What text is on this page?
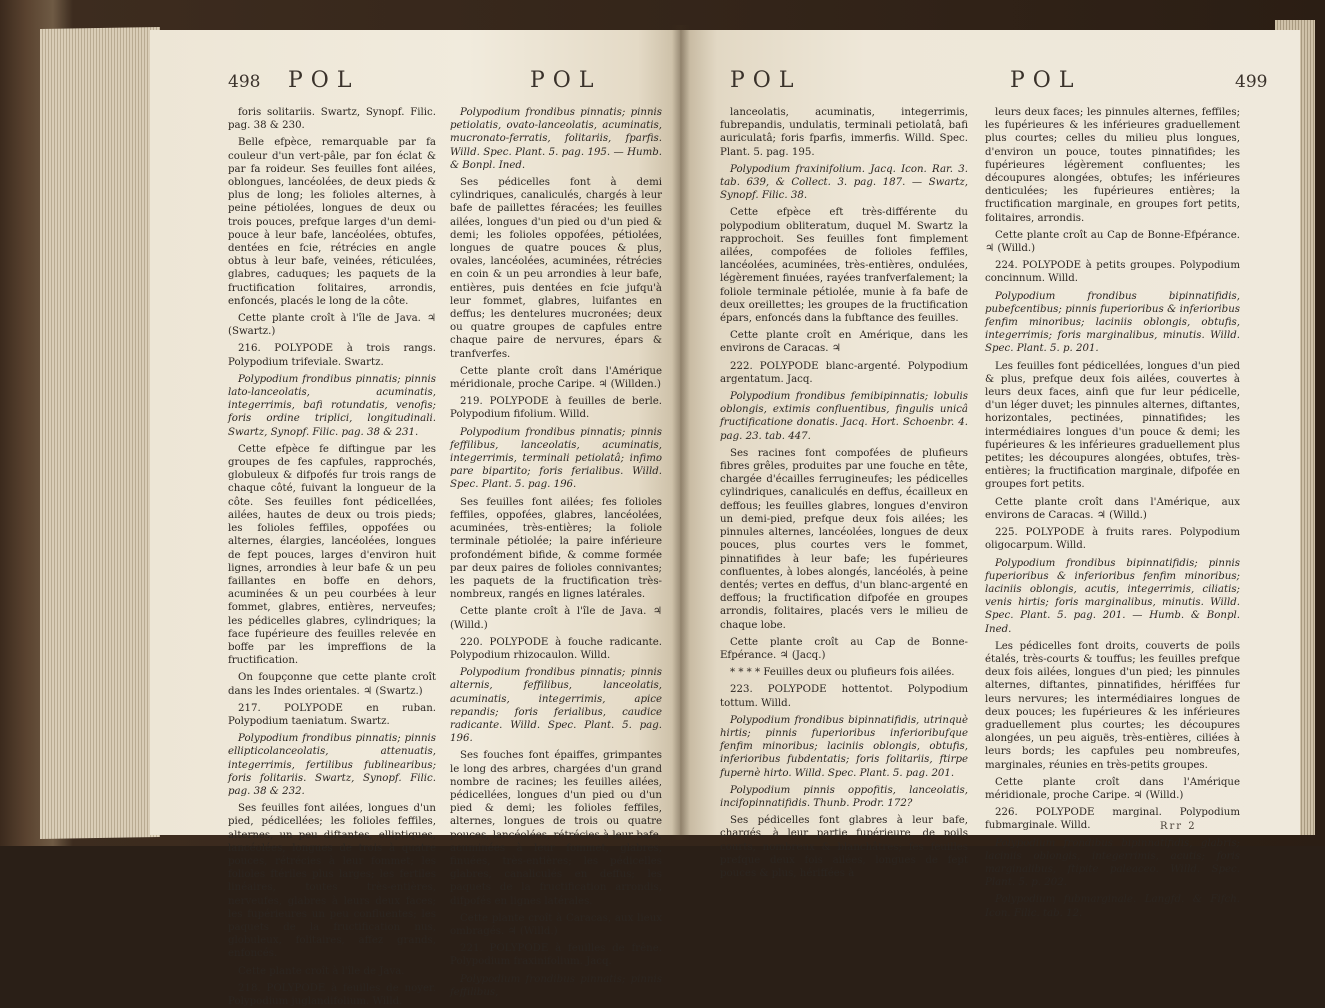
498 POL	POL

foris solitariis. Swartz, Synopf. Filic. pag. 38 & 230.

Belle efpèce, remarquable par fa couleur d'un vert-pâle, par fon éclat & par fa roideur. Ses feuilles font ailées, oblongues, lancéolées, de deux pieds & plus de long; les folioles alternes, à peine pétiolées, longues de deux ou trois pouces, prefque larges d'un demi-pouce à leur bafe, lancéolées, obtufes, dentées en fcie, rétrécies en angle obtus à leur bafe, veinées, réticulées, glabres, caduques; les paquets de la fructification folitaires, arrondis, enfoncés, placés le long de la côte.

Cette plante croît à l'île de Java. ♃ (Swartz.)

216. POLYPODE à trois rangs. Polypodium trifeviale. Swartz.

Polypodium frondibus pinnatis; pinnis lato-lanceolatis, acuminatis, integerrimis, bafi rotundatis, venofis; foris ordine triplici, longitudinali. Swartz, Synopf. Filic. pag. 38 & 231.

Cette efpèce fe diftingue par les groupes de fes capfules, rapprochés, globuleux & difpofés fur trois rangs de chaque côté, fuivant la longueur de la côte. Ses feuilles font pédicellées, ailées, hautes de deux ou trois pieds; les folioles feffiles, oppofées ou alternes, élargies, lancéolées, longues de fept pouces, larges d'environ huit lignes, arrondies à leur bafe & un peu faillantes en boffe en dehors, acuminées & un peu courbées à leur fommet, glabres, entières, nerveufes; les pédicelles glabres, cylindriques; la face fupérieure des feuilles relevée en boffe par les impreffions de la fructification.

On foupçonne que cette plante croît dans les Indes orientales. ♃ (Swartz.)

217. POLYPODE en ruban. Polypodium taeniatum. Swartz.

Polypodium frondibus pinnatis; pinnis ellipticolanceolatis, attenuatis, integerrimis, fertilibus fublinearibus; foris folitariis. Swartz, Synopf. Filic. pag. 38 & 232.

Ses feuilles font ailées, longues d'un pied, pédicellées; les folioles feffiles, alternes, un peu diftantes, elliptiques, lancéolées, longues de trois à quatre pouces, rétrécies à leur fommet; les folioles ftériles plus larges; les fertiles linéaires, toutes très-entières, nerveufes, glabres à leurs deux faces; les fupérieures un peu confluentes; les paquets de la fructification nus, globuleux, folitaires, affez grands, enfoncés.

Cette plante croît à l'île de Java.

218. POLYPODE à feuilles de noyer. Polypodium juglandifolium. Willd.

Polypodium frondibus pinnatis; pinnis petiolatis, ovato-lanceolatis, acuminatis, mucronato-ferratis, folitariis, fparfis. Willd. Spec. Plant. 5. pag. 195. — Humb. & Bonpl. Ined.

Ses pédicelles font à demi cylindriques, canaliculés, chargés à leur bafe de paillettes féracées; les feuilles ailées, longues d'un pied ou d'un pied & demi; les folioles oppofées, pétiolées, longues de quatre pouces & plus, ovales, lancéolées, acuminées, rétrécies en coin & un peu arrondies à leur bafe, entières, puis dentées en fcie jufqu'à leur fommet, glabres, luifantes en deffus; les dentelures mucronées; deux ou quatre groupes de capfules entre chaque paire de nervures, épars & tranfverfes.

Cette plante croît dans l'Amérique méridionale, proche Caripe. ♃ (Willden.)

219. POLYPODE à feuilles de berle. Polypodium fifolium. Willd.

Polypodium frondibus pinnatis; pinnis feffilibus, lanceolatis, acuminatis, integerrimis, terminali petiolatâ; infimo pare bipartito; foris ferialibus. Willd. Spec. Plant. 5. pag. 196.

Ses feuilles font ailées; fes folioles feffiles, oppofées, glabres, lancéolées, acuminées, très-entières; la foliole terminale pétiolée; la paire inférieure profondément bifide, & comme formée par deux paires de folioles connivantes; les paquets de la fructification très-nombreux, rangés en lignes latérales.

Cette plante croît à l'île de Java. ♃ (Willd.)

220. POLYPODE à fouche radicante. Polypodium rhizocaulon. Willd.

Polypodium frondibus pinnatis; pinnis alternis, feffilibus, lanceolatis, acuminatis, integerrimis, apice repandis; foris ferialibus, caudice radicante. Willd. Spec. Plant. 5. pag. 196.

Ses fouches font épaiffes, grimpantes le long des arbres, chargées d'un grand nombre de racines; les feuilles ailées, pédicellées, longues d'un pied ou d'un pied & demi; les folioles feffiles, alternes, longues de trois ou quatre pouces, lancéolées, rétrécies à leur bafe, acuminées à leur fommet, glabres, finuées, très-entières; les pédicelles glabres, canaliculés en deffus; les paquets de la fructification arrondis, difpofés en lignes latérales.

Cette plante croît à Caracas, aux lieux ombragés. ♃ (Willd.)

221. POLYPODE à feuilles de frêne. Polypodium fraxinifolium. Jacq.

Polypodium frondibus pinnatis; pinnis feffilibus,

POL	POL	499

lanceolatis, acuminatis, integerrimis, fubrepandis, undulatis, terminali petiolatâ, bafi auriculatâ; foris fparfis, immerfis. Willd. Spec. Plant. 5. pag. 195.

Polypodium fraxinifolium. Jacq. Icon. Rar. 3. tab. 639, & Collect. 3. pag. 187. — Swartz, Synopf. Filic. 38.

Cette efpèce eft très-différente du polypodium obliteratum, duquel M. Swartz la rapprochoit. Ses feuilles font fimplement ailées, compofées de folioles feffiles, lancéolées, acuminées, très-entières, ondulées, légèrement finuées, rayées tranfverfalement; la foliole terminale pétiolée, munie à fa bafe de deux oreillettes; les groupes de la fructification épars, enfoncés dans la fubftance des feuilles.

Cette plante croît en Amérique, dans les environs de Caracas. ♃

222. POLYPODE blanc-argenté. Polypodium argentatum. Jacq.

Polypodium frondibus femibipinnatis; lobulis oblongis, extimis confluentibus, fingulis unicâ fructificatione donatis. Jacq. Hort. Schoenbr. 4. pag. 23. tab. 447.

Ses racines font compofées de plufieurs fibres grêles, produites par une fouche en tête, chargée d'écailles ferrugineufes; les pédicelles cylindriques, canaliculés en deffus, écailleux en deffous; les feuilles glabres, longues d'environ un demi-pied, prefque deux fois ailées; les pinnules alternes, lancéolées, longues de deux pouces, plus courtes vers le fommet, pinnatifides à leur bafe; les fupérieures confluentes, à lobes alongés, lancéolés, à peine dentés; vertes en deffus, d'un blanc-argenté en deffous; la fructification difpofée en groupes arrondis, folitaires, placés vers le milieu de chaque lobe.

Cette plante croît au Cap de Bonne-Efpérance. ♃ (Jacq.)

* * * * Feuilles deux ou plufieurs fois ailées.

223. POLYPODE hottentot. Polypodium tottum. Willd.

Polypodium frondibus bipinnatifidis, utrinquè hirtis; pinnis fuperioribus inferioribufque fenfim minoribus; laciniis oblongis, obtufis, inferioribus fubdentatis; foris folitariis, ftirpe fupernè hirto. Willd. Spec. Plant. 5. pag. 201.

Polypodium pinnis oppofitis, lanceolatis, incifopinnatifidis. Thunb. Prodr. 172?

Ses pédicelles font glabres à leur bafe, chargés, à leur partie fupérieure, de poils courts, nombreux & blanchâtres; fes feuilles prefque deux fois ailées, longues de fept pouces & plus, hériffées à

leurs deux faces; les pinnules alternes, feffiles; les fupérieures & les inférieures graduellement plus courtes; celles du milieu plus longues, d'environ un pouce, toutes pinnatifides; les fupérieures légèrement confluentes; les découpures alongées, obtufes; les inférieures denticulées; les fupérieures entières; la fructification marginale, en groupes fort petits, folitaires, arrondis.

Cette plante croît au Cap de Bonne-Efpérance. ♃ (Willd.)

224. POLYPODE à petits groupes. Polypodium concinnum. Willd.

Polypodium frondibus bipinnatifidis, pubefcentibus; pinnis fuperioribus & inferioribus fenfim minoribus; laciniis oblongis, obtufis, integerrimis; foris marginalibus, minutis. Willd. Spec. Plant. 5. p. 201.

Les feuilles font pédicellées, longues d'un pied & plus, prefque deux fois ailées, couvertes à leurs deux faces, ainfi que fur leur pédicelle, d'un léger duvet; les pinnules alternes, diftantes, horizontales, pectinées, pinnatifides; les intermédiaires longues d'un pouce & demi; les fupérieures & les inférieures graduellement plus petites; les découpures alongées, obtufes, très-entières; la fructification marginale, difpofée en groupes fort petits.

Cette plante croît dans l'Amérique, aux environs de Caracas. ♃ (Willd.)

225. POLYPODE à fruits rares. Polypodium oligocarpum. Willd.

Polypodium frondibus bipinnatifidis; pinnis fuperioribus & inferioribus fenfim minoribus; laciniis oblongis, acutis, integerrimis, ciliatis; venis hirtis; foris marginalibus, minutis. Willd. Spec. Plant. 5. pag. 201. — Humb. & Bonpl. Ined.

Les pédicelles font droits, couverts de poils étalés, très-courts & touffus; les feuilles prefque deux fois ailées, longues d'un pied; les pinnules alternes, diftantes, pinnatifides, hériffées fur leurs nervures; les intermédiaires longues de deux pouces; les fupérieures & les inférieures graduellement plus courtes; les découpures alongées, un peu aiguës, très-entières, ciliées à leurs bords; les capfules peu nombreufes, marginales, réunies en très-petits groupes.

Cette plante croît dans l'Amérique méridionale, proche Caripe. ♃ (Willd.)

226. POLYPODE marginal. Polypodium fubmarginale. Willd.

Polypodium frondibus bipinnatifidis, glabris; laciniis oblongis, integerrimis, acutis; foris marginalibus, ftipite paleaceo. Willd. Spec. Plant. 5. p. 202.

Polypodium fubmarginale. Langfd. & Fifch. Icon. Filic. tab. 12.

Rrr 2
